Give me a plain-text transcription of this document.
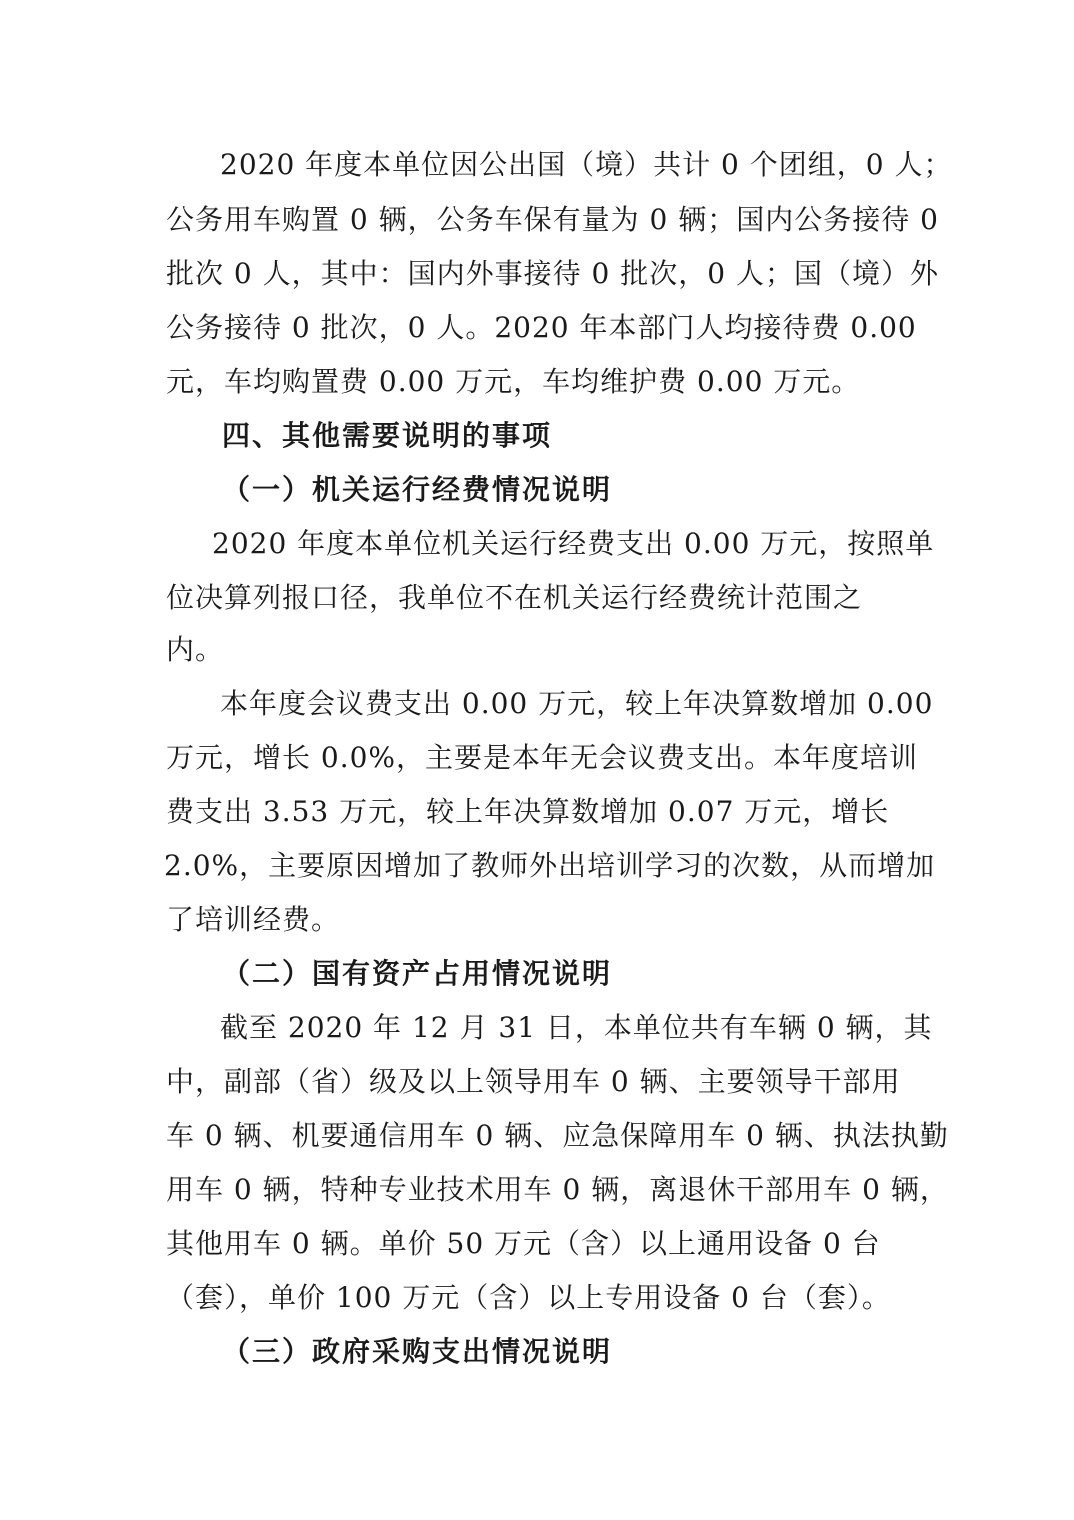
2020 年度本单位因公出国（境）共计 0 个团组，0 人；
公务用车购置 0 辆，公务车保有量为 0 辆；国内公务接待 0
批次 0 人，其中：国内外事接待 0 批次，0 人；国（境）外
公务接待 0 批次，0 人。2020 年本部门人均接待费 0.00
元，车均购置费 0.00 万元，车均维护费 0.00 万元。
四、其他需要说明的事项
（一）机关运行经费情况说明
2020 年度本单位机关运行经费支出 0.00 万元，按照单
位决算列报口径，我单位不在机关运行经费统计范围之
内。
本年度会议费支出 0.00 万元，较上年决算数增加 0.00
万元，增长 0.0%，主要是本年无会议费支出。本年度培训
费支出 3.53 万元，较上年决算数增加 0.07 万元，增长
2.0%，主要原因增加了教师外出培训学习的次数，从而增加
了培训经费。
（二）国有资产占用情况说明
截至 2020 年 12 月 31 日，本单位共有车辆 0 辆，其
中，副部（省）级及以上领导用车 0 辆、主要领导干部用
车 0 辆、机要通信用车 0 辆、应急保障用车 0 辆、执法执勤
用车 0 辆，特种专业技术用车 0 辆，离退休干部用车 0 辆，
其他用车 0 辆。单价 50 万元（含）以上通用设备 0 台
（套），单价 100 万元（含）以上专用设备 0 台（套）。
（三）政府采购支出情况说明
